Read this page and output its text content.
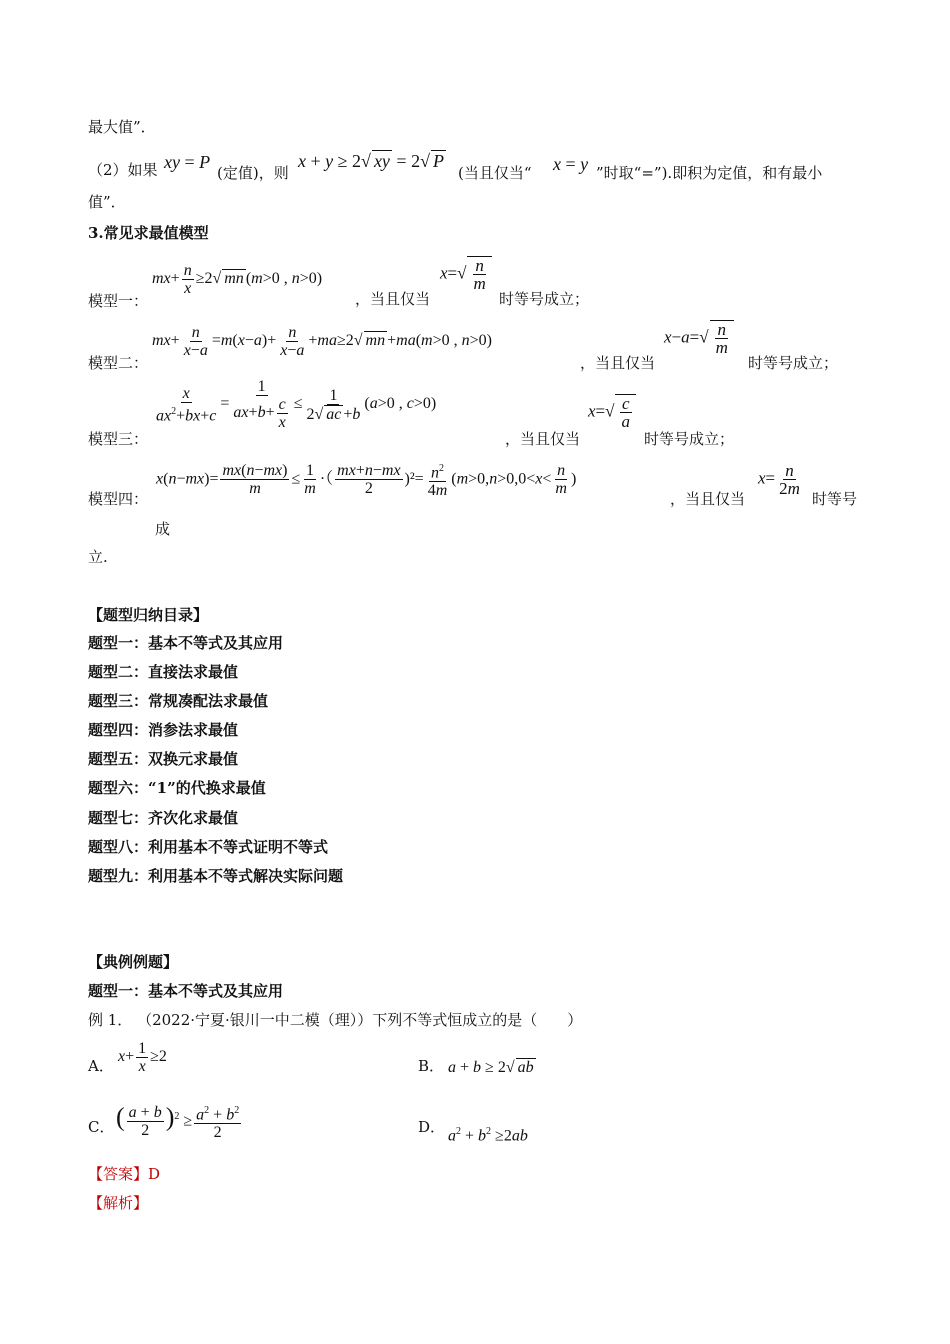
最大值”．
（2）如果 xy = P
(定值)，则
x + y ≥ 2√ xy = 2√ P
(当且仅当“ x = y ”时取“=”).即积为定值，和有最小
值”．
3.常见求最值模型
模型一：
$mx+ \frac{n}{x} \ge 2√$ mn (m>0 , n>0)
，当且仅当
$x=√ \frac{n}{m}$
时等号成立；
模型二：
$mx+ \frac{n}{x-a} =m(x-a)+ \frac{n}{x-a} +ma\ge 2√$ mn +ma(m>0 , n>0)
，当且仅当
$x-a=√ \frac{n}{m}$
时等号成立；
模型三：
$\frac{x}{ax^2+bx+c} = \frac{1}{ax+b+ \frac{c}{x}} \le \frac{1}{2√ ac +b} (a>0$ , c>0)
，当且仅当
$x=√ \frac{c}{a}$
时等号成立；
模型四：
$x(n-mx)= \frac{mx(n-mx)}{m} \le \frac{1}{m}$ ·（ $\frac{mx+n-mx}{2} )^2= \frac{n^2}{4m} (m>0,n>0,0<x< \frac{n}{m}$ )
，当且仅当
$x= \frac{n}{2m}$
时等号
成
立.
【题型归纳目录】
题型一：基本不等式及其应用
题型二：直接法求最值
题型三：常规凑配法求最值
题型四：消参法求最值
题型五：双换元求最值
题型六：“1”的代换求最值
题型七：齐次化求最值
题型八：利用基本不等式证明不等式
题型九：利用基本不等式解决实际问题
【典例例题】
题型一：基本不等式及其应用
例 1． （2022·宁夏·银川一中二模（理））下列不等式恒成立的是（　　）
A．
$x+ \frac{1}{x} \ge 2$
B． a + b ≥ 2√ ab
C． ( $\frac{a + b}{2} )^2 \ge \frac{a^2 + b^2}{2}$	D． $a^2 + b^2 \ge 2ab$
【答案】D
【解析】
